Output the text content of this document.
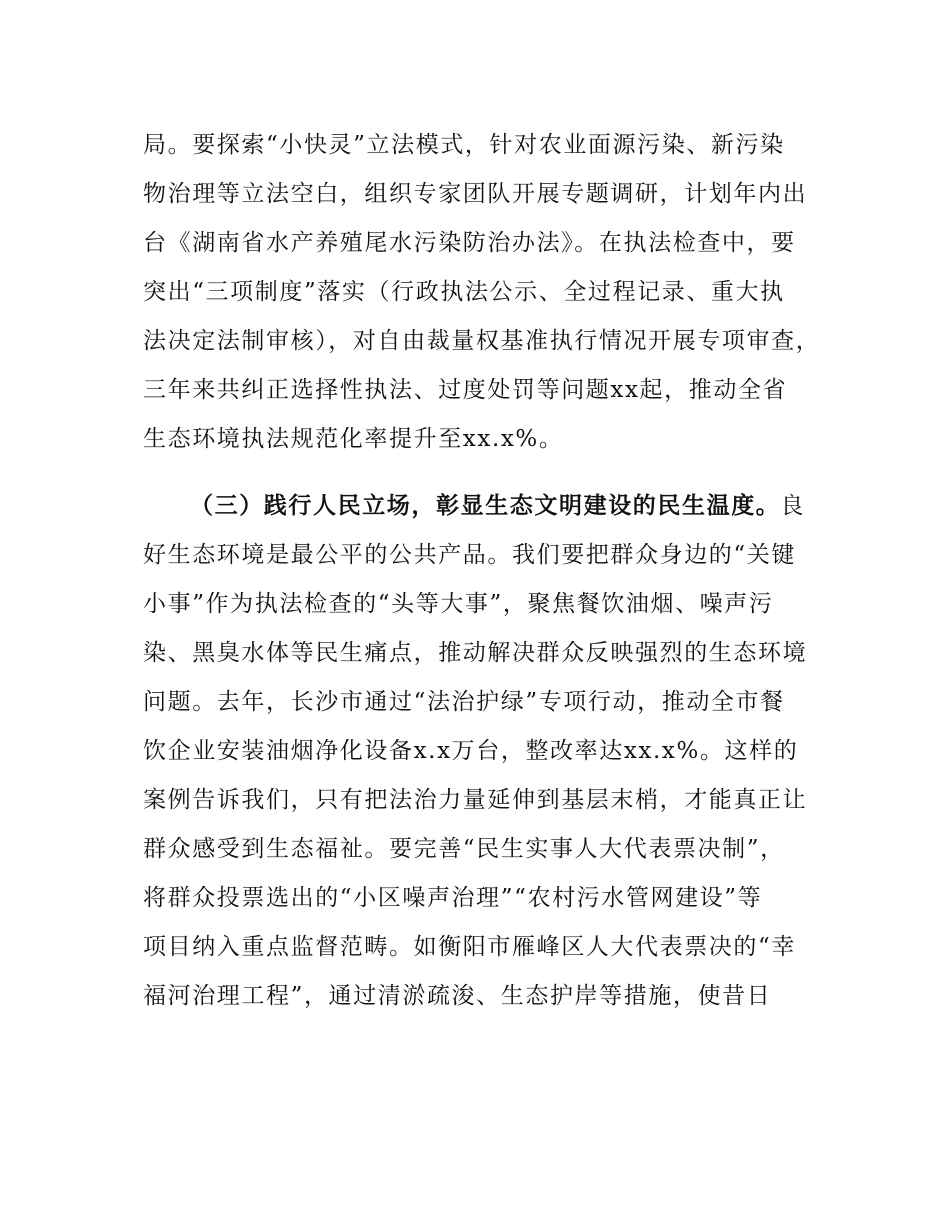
局。要探索“小快灵”立法模式，针对农业面源污染、新污染
物治理等立法空白，组织专家团队开展专题调研，计划年内出
台《湖南省水产养殖尾水污染防治办法》。在执法检查中，要
突出“三项制度”落实（行政执法公示、全过程记录、重大执
法决定法制审核），对自由裁量权基准执行情况开展专项审查，
三年来共纠正选择性执法、过度处罚等问题xx起，推动全省
生态环境执法规范化率提升至xx.x%。
（三）践行人民立场，彰显生态文明建设的民生温度。良
好生态环境是最公平的公共产品。我们要把群众身边的“关键
小事”作为执法检查的“头等大事”，聚焦餐饮油烟、噪声污
染、黑臭水体等民生痛点，推动解决群众反映强烈的生态环境
问题。去年，长沙市通过“法治护绿”专项行动，推动全市餐
饮企业安装油烟净化设备x.x万台，整改率达xx.x%。这样的
案例告诉我们，只有把法治力量延伸到基层末梢，才能真正让
群众感受到生态福祉。要完善“民生实事人大代表票决制”，
将群众投票选出的“小区噪声治理”“农村污水管网建设”等
项目纳入重点监督范畴。如衡阳市雁峰区人大代表票决的“幸
福河治理工程”，通过清淤疏浚、生态护岸等措施，使昔日
